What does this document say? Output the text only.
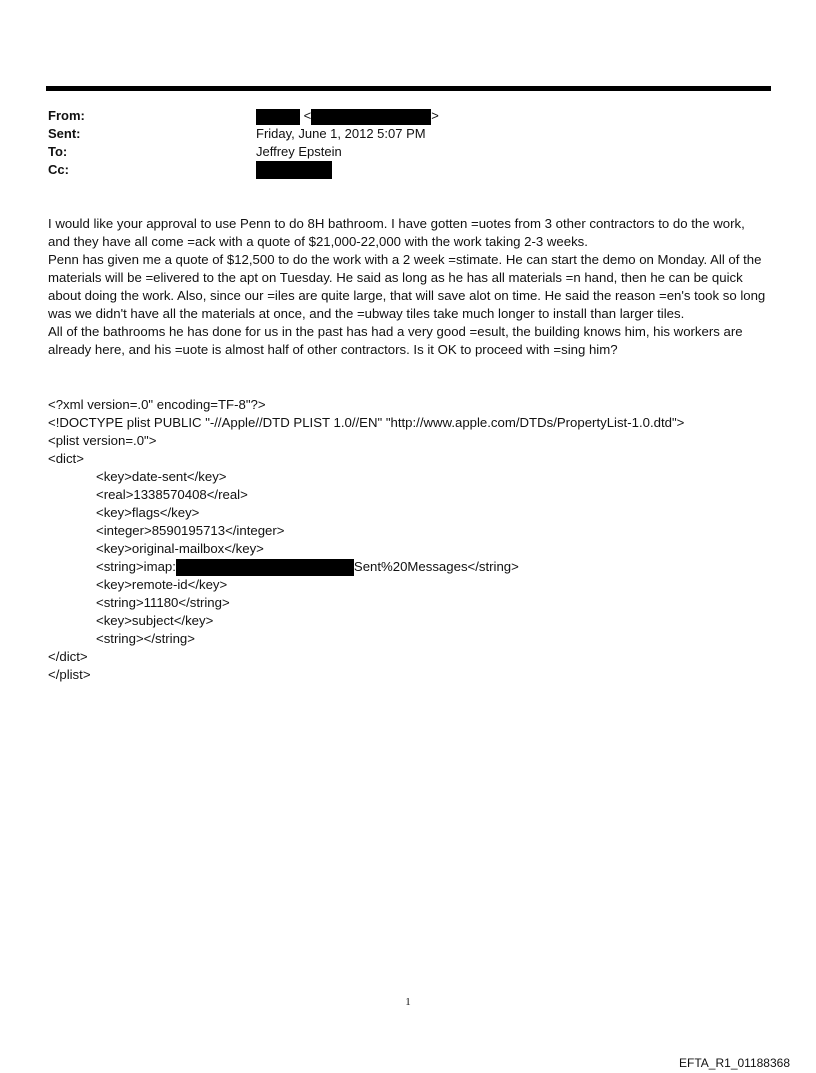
From:	<	>
Sent:	Friday, June 1, 2012 5:07 PM
To:	Jeffrey Epstein
Cc:

I would like your approval to use Penn to do 8H bathroom. I have gotten =uotes from 3 other contractors to do the work, and they have all come =ack with a quote of $21,000-22,000 with the work taking 2-3 weeks.

Penn has given me a quote of $12,500 to do the work with a 2 week =stimate. He can start the demo on Monday. All of the materials will be =elivered to the apt on Tuesday. He said as long as he has all materials =n hand, then he can be quick about doing the work. Also, since our =iles are quite large, that will save alot on time. He said the reason =en's took so long was we didn't have all the materials at once, and the =ubway tiles take much longer to install than larger tiles.

All of the bathrooms he has done for us in the past has had a very good =esult, the building knows him, his workers are already here, and his =uote is almost half of other contractors. Is it OK to proceed with =sing him?

<?xml version=.0" encoding=TF-8"?>
<!DOCTYPE plist PUBLIC "-//Apple//DTD PLIST 1.0//EN" "http://www.apple.com/DTDs/PropertyList-1.0.dtd">
<plist version=.0">
<dict>
<key>date-sent</key>
<real>1338570408</real>
<key>flags</key>
<integer>8590195713</integer>
<key>original-mailbox</key>
<string>imap:	Sent%20Messages</string>
<key>remote-id</key>
<string>11180</string>
<key>subject</key>
<string></string>
</dict>
</plist>
1
EFTA_R1_01188368
